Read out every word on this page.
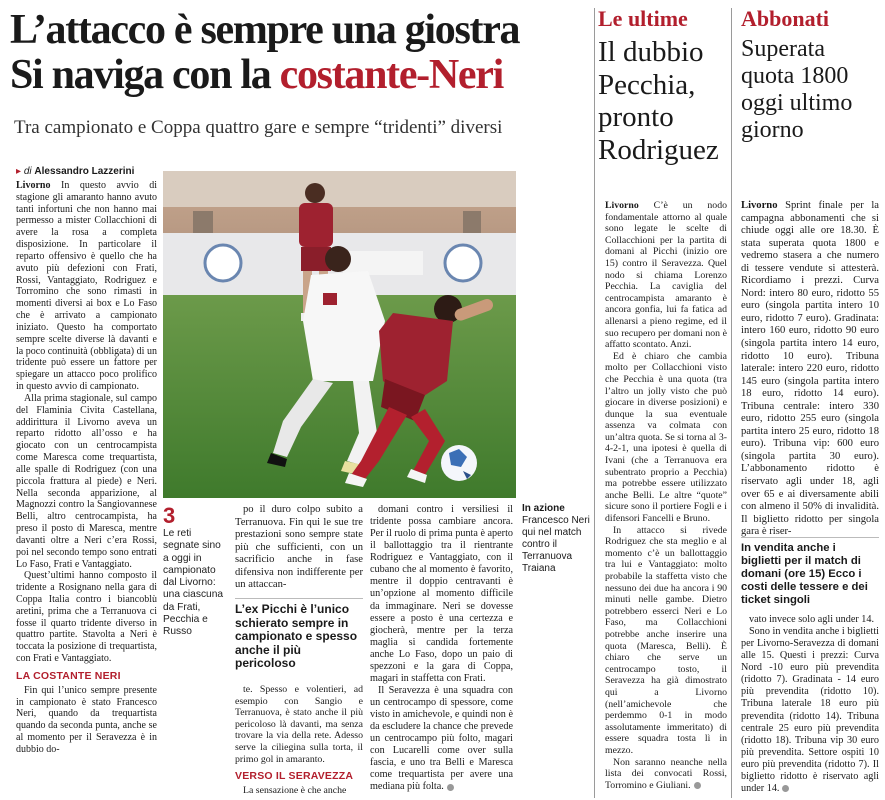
L’attacco è sempre una giostra
Si naviga con la costante-Neri
Tra campionato e Coppa quattro gare e sempre “tridenti” diversi
▸ di Alessandro Lazzerini

Livorno In questo avvio di stagione gli amaranto hanno avuto tanti infortuni che non hanno mai permesso a mister Collacchioni di avere la rosa a completa disposizione. In particolare il reparto offensivo è quello che ha avuto più defezioni con Frati, Rossi, Vantaggiato, Rodriguez e Torromino che sono rimasti in momenti diversi ai box e Lo Faso che è arrivato a campionato iniziato. Questo ha comportato sempre scelte diverse là davanti e la poco continuità (obbligata) di un tridente può essere un fattore per spiegare un attacco poco prolifico in questo avvio di campionato.

Alla prima stagionale, sul campo del Flaminia Civita Castellana, addirittura il Livorno aveva un reparto ridotto all’osso e ha giocato con un centrocampista come Maresca come trequartista, alle spalle di Rodriguez (con una piccola frattura al piede) e Neri. Nella seconda apparizione, al Magnozzi contro la Sangiovannese Belli, altro centrocampista, ha preso il posto di Maresca, mentre davanti oltre a Neri c’era Rossi, poi nel secondo tempo sono entrati Lo Faso, Frati e Vantaggiato.

Quest’ultimi hanno composto il tridente a Rosignano nella gara di Coppa Italia contro i biancoblù aretini, prima che a Terranuova ci fosse il quarto tridente diverso in quattro partite. Stavolta a Neri è toccata la posizione di trequartista, con Frati e Vantaggiato.

LA COSTANTE NERI

Fin qui l’unico sempre presente in campionato è stato Francesco Neri, quando da trequartista quando da seconda punta, anche se al momento per il Seravezza è in dubbio do-

In azione
Francesco Neri qui nel match contro il Terranuova Traiana
3
Le reti segnate sino a oggi in campionato dal Livorno: una ciascuna da Frati, Pecchia e Russo

po il duro colpo subito a Terranuova. Fin qui le sue tre prestazioni sono sempre state più che sufficienti, con un sacrificio anche in fase difensiva non indifferente per un attaccan-

L’ex Picchi è l’unico schierato sempre in campionato e spesso anche il più pericoloso

te. Spesso e volentieri, ad esempio con Sangio e Terranuova, è stato anche il più pericoloso là davanti, ma senza trovare la via della rete. Adesso serve la ciliegina sulla torta, il primo gol in amaranto.

VERSO IL SERAVEZZA

La sensazione è che anche

domani contro i versiliesi il tridente possa cambiare ancora. Per il ruolo di prima punta è aperto il ballottaggio tra il rientrante Rodriguez e Vantaggiato, con il cubano che al momento è favorito, mentre il doppio centravanti è un’opzione al momento difficile da immaginare. Neri se dovesse essere a posto è una certezza e giocherà, mentre per la terza maglia si candida fortemente anche Lo Faso, dopo un paio di spezzoni e la gara di Coppa, magari in staffetta con Frati.

Il Seravezza è una squadra con un centrocampo di spessore, come visto in amichevole, e quindi non è da escludere la chance che prevede un centrocampo più folto, magari con Lucarelli come over sulla fascia, e uno tra Belli e Maresca come trequartista per avere una mediana più folta.

Le ultime
Il dubbio Pecchia, pronto Rodriguez

Livorno C’è un nodo fondamentale attorno al quale sono legate le scelte di Collacchioni per la partita di domani al Picchi (inizio ore 15) contro il Seravezza. Quel nodo si chiama Lorenzo Pecchia. La caviglia del centrocampista amaranto è ancora gonfia, lui fa fatica ad allenarsi a pieno regime, ed il suo recupero per domani non è affatto scontato. Anzi.

Ed è chiaro che cambia molto per Collacchioni visto che Pecchia è una quota (tra l’altro un jolly visto che può giocare in diverse posizioni) e dunque la sua eventuale assenza va colmata con un’altra quota. Se si torna al 3-4-2-1, una ipotesi è quella di Ivani (che a Terranuova era subentrato proprio a Pecchia) ma potrebbe essere utilizzato anche Belli. Le altre “quote” sicure sono il portiere Fogli e i difensori Fancelli e Bruno.

In attacco si rivede Rodriguez che sta meglio e al momento c’è un ballottaggio tra lui e Vantaggiato: molto probabile la staffetta visto che nessuno dei due ha ancora i 90 minuti nelle gambe. Dietro potrebbero esserci Neri e Lo Faso, ma Collacchioni potrebbe anche inserire una quota (Maresca, Belli). È chiaro che serve un centrocampo tosto, il Seravezza ha già dimostrato qui a Livorno (nell’amichevole che perdemmo 0-1 in modo assolutamente immeritato) di essere squadra tosta lì in mezzo.

Non saranno neanche nella lista dei convocati Rossi, Torromino e Giuliani.

Abbonati
Superata quota 1800 oggi ultimo giorno

Livorno Sprint finale per la campagna abbonamenti che si chiude oggi alle ore 18.30. È stata superata quota 1800 e vedremo stasera a che numero di tessere vendute si attesterà. Ricordiamo i prezzi. Curva Nord: intero 80 euro, ridotto 55 euro (singola partita intero 10 euro, ridotto 7 euro). Gradinata: intero 160 euro, ridotto 90 euro (singola partita intero 14 euro, ridotto 10 euro). Tribuna laterale: intero 220 euro, ridotto 145 euro (singola partita intero 18 euro, ridotto 14 euro). Tribuna centrale: intero 330 euro, ridotto 255 euro (singola partita intero 25 euro, ridotto 18 euro). Tribuna vip: 600 euro (singola partita 30 euro). L’abbonamento ridotto è riservato agli under 18, agli over 65 e ai diversamente abili con almeno il 50% di invalidità. Il biglietto ridotto per singola gara è riser-

In vendita anche i biglietti per il match di domani (ore 15) Ecco i costi delle tessere e dei ticket singoli

vato invece solo agli under 14.

Sono in vendita anche i biglietti per Livorno-Seravezza di domani alle 15. Questi i prezzi: Curva Nord -10 euro più prevendita (ridotto 7). Gradinata - 14 euro più prevendita (ridotto 10). Tribuna laterale 18 euro più prevendita (ridotto 14). Tribuna centrale 25 euro più prevendita (ridotto 18). Tribuna vip 30 euro più prevendita. Settore ospiti 10 euro più prevendita (ridotto 7). Il biglietto ridotto è riservato agli under 14.
